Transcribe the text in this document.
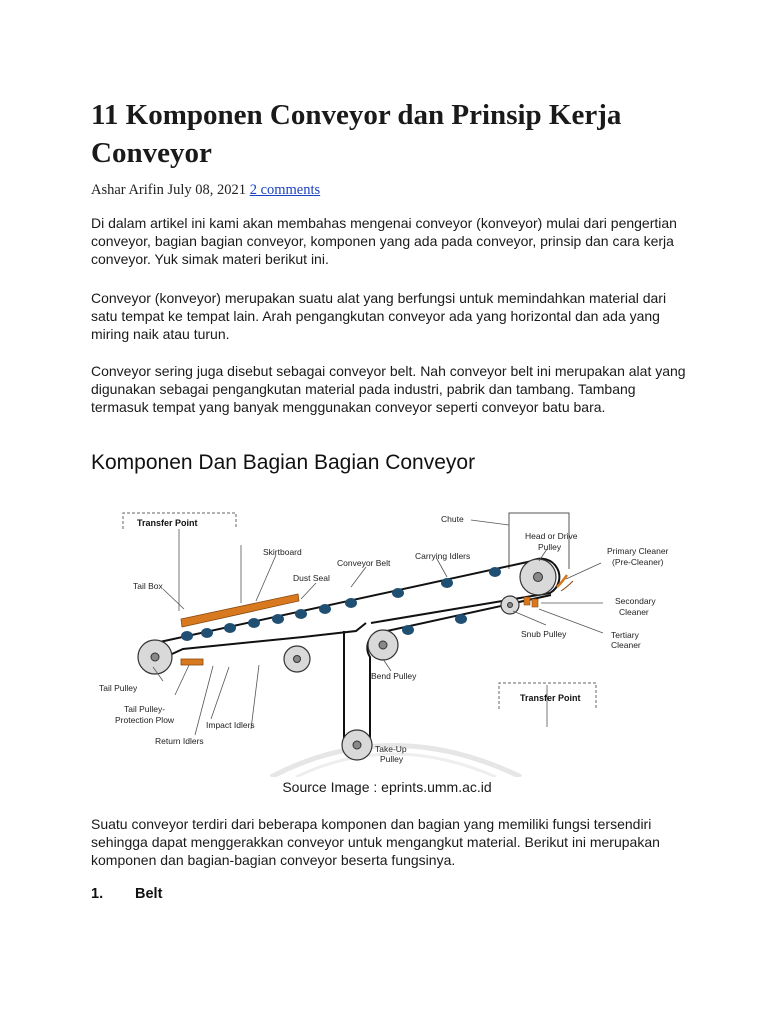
11 Komponen Conveyor dan Prinsip Kerja Conveyor

Ashar Arifin July 08, 2021 2 comments

Di dalam artikel ini kami akan membahas mengenai conveyor (konveyor) mulai dari pengertian conveyor, bagian bagian conveyor, komponen yang ada pada conveyor, prinsip dan cara kerja conveyor. Yuk simak materi berikut ini.

Conveyor (konveyor) merupakan suatu alat yang berfungsi untuk memindahkan material dari satu tempat ke tempat lain. Arah pengangkutan conveyor ada yang horizontal dan ada yang miring naik atau turun.

Conveyor sering juga disebut sebagai conveyor belt. Nah conveyor belt ini merupakan alat yang digunakan sebagai pengangkutan material pada industri, pabrik dan tambang. Tambang termasuk tempat yang banyak menggunakan conveyor seperti conveyor batu bara.

Komponen Dan Bagian Bagian Conveyor
Transfer Point
Skirtboard
Dust Seal
Conveyor Belt
Carrying Idlers
Chute
Head or Drive
Pulley	Primary Cleaner
(Pre-Cleaner)
Secondary
Cleaner
Snub Pulley	Tertiary
Cleaner
Tail Box
Tail Pulley
Tail Pulley-
Protection Plow
Return Idlers
Impact Idlers
Bend Pulley
Take-Up
Pulley
Transfer Point

Source Image : eprints.umm.ac.id

Suatu conveyor terdiri dari beberapa komponen dan bagian yang memiliki fungsi tersendiri sehingga dapat menggerakkan conveyor untuk mengangkut material. Berikut ini merupakan komponen dan bagian-bagian conveyor beserta fungsinya.

1. Belt
